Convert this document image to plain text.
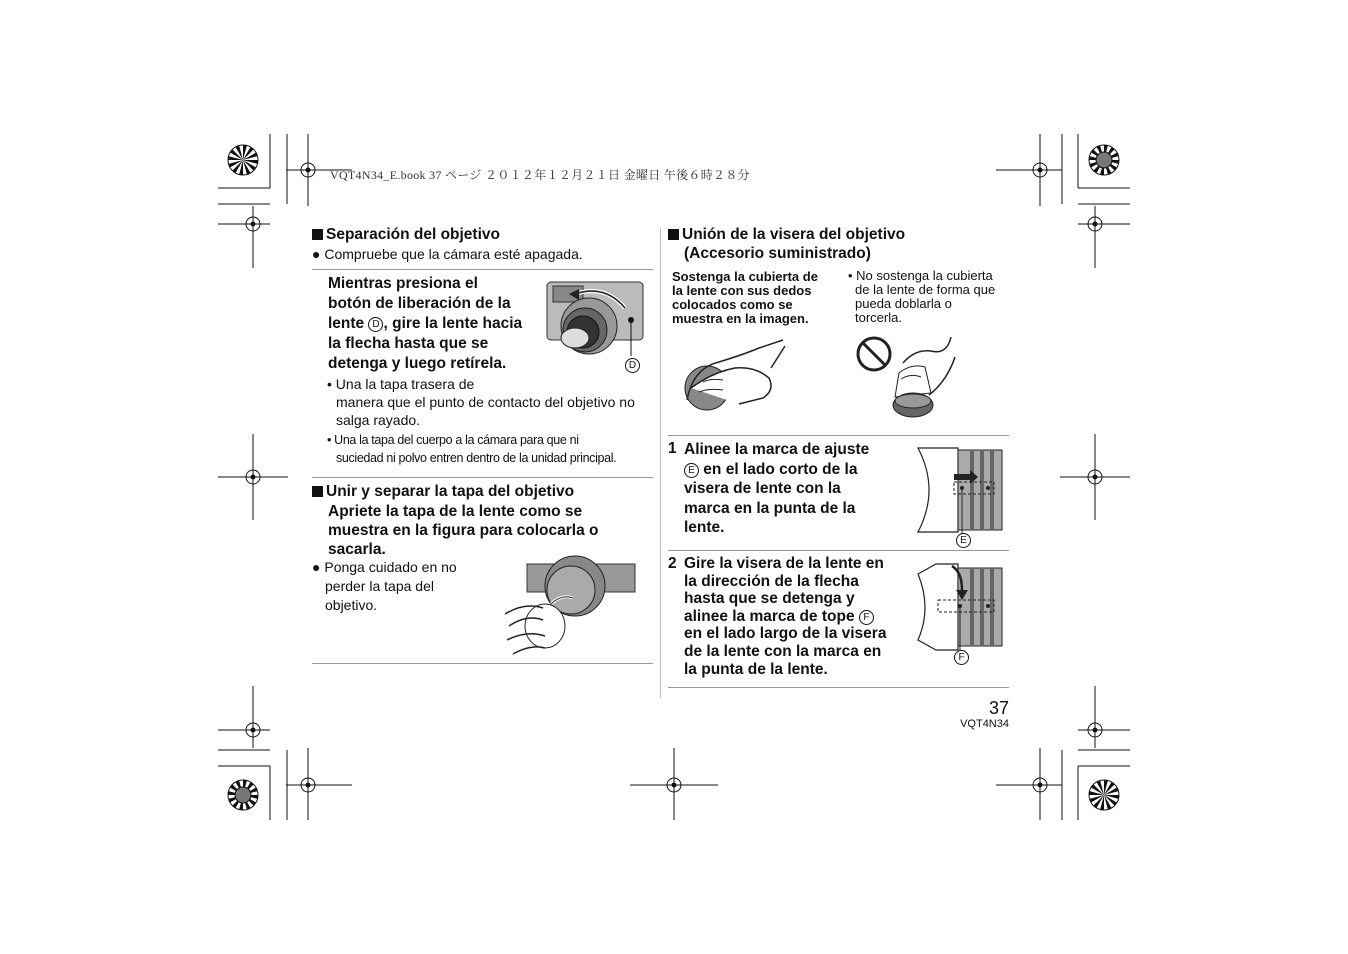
VQT4N34_E.book 37 ページ ２０１２年１２月２１日 金曜日 午後６時２８分
Separación del objetivo
● Compruebe que la cámara esté apagada.
Mientras presiona el
botón de liberación de la
lente D , gire la lente hacia
la flecha hasta que se
detenga y luego retírela.	D
• Una la tapa trasera de
manera que el punto de contacto del objetivo no
salga rayado.
• Una la tapa del cuerpo a la cámara para que ni
suciedad ni polvo entren dentro de la unidad principal.
Unir y separar la tapa del objetivo
Apriete la tapa de la lente como se
muestra en la figura para colocarla o
sacarla.
● Ponga cuidado en no
perder la tapa del
objetivo.
Unión de la visera del objetivo
(Accesorio suministrado)
Sostenga la cubierta de
la lente con sus dedos
colocados como se
muestra en la imagen.
• No sostenga la cubierta
de la lente de forma que
pueda doblarla o
torcerla.
1 Alinee la marca de ajuste
E en el lado corto de la
visera de lente con la
marca en la punta de la
lente.
E
2 Gire la visera de la lente en
la dirección de la flecha
hasta que se detenga y
alinee la marca de tope F
en el lado largo de la visera
de la lente con la marca en
la punta de la lente.
F
37
VQT4N34
